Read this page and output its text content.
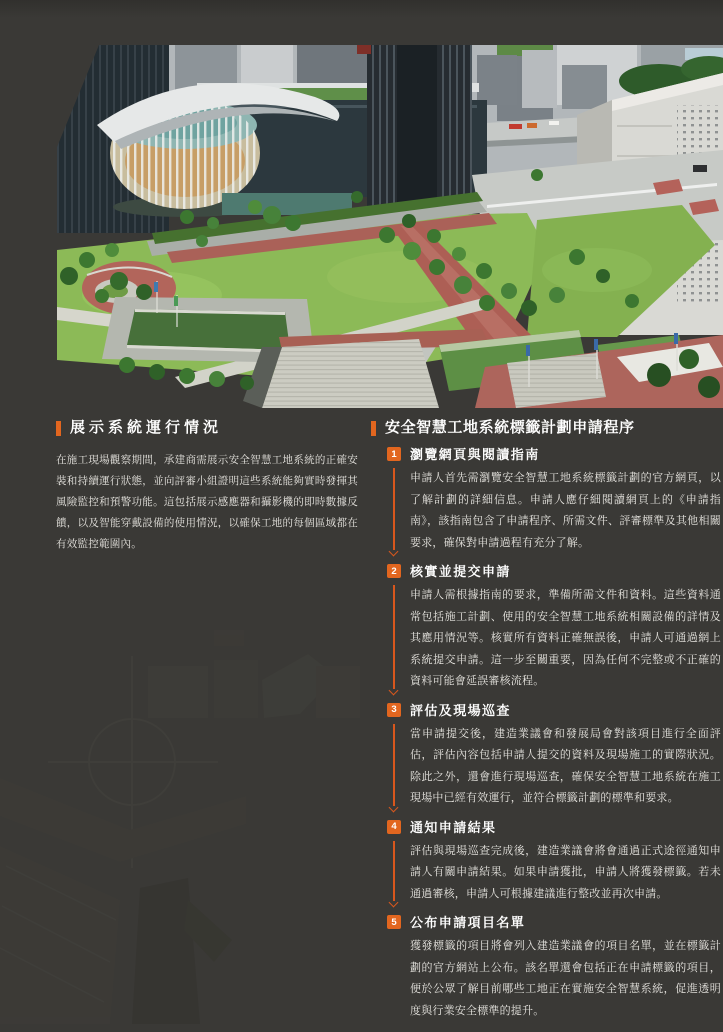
展示系統運行情況

在施工現場觀察期間，承建商需展示安全智慧工地系統的正確安裝和持續運行狀態，並向評審小組證明這些系統能夠實時發揮其風險監控和預警功能。這包括展示感應器和攝影機的即時數據反饋，以及智能穿戴設備的使用情況，以確保工地的每個區域都在有效監控範圍內。

安全智慧工地系統標籤計劃申請程序
1	瀏覽網頁與閱讀指南

申請人首先需瀏覽安全智慧工地系統標籤計劃的官方網頁，以了解計劃的詳細信息。申請人應仔細閱讀網頁上的《申請指南》，該指南包含了申請程序、所需文件、評審標準及其他相關要求，確保對申請過程有充分了解。

2	核實並提交申請

申請人需根據指南的要求，準備所需文件和資料。這些資料通常包括施工計劃、使用的安全智慧工地系統相關設備的詳情及其應用情況等。核實所有資料正確無誤後，申請人可通過網上系統提交申請。這一步至關重要，因為任何不完整或不正確的資料可能會延誤審核流程。

3	評估及現場巡查

當申請提交後，建造業議會和發展局會對該項目進行全面評估，評估內容包括申請人提交的資料及現場施工的實際狀況。除此之外，還會進行現場巡查，確保安全智慧工地系統在施工現場中已經有效運行，並符合標籤計劃的標準和要求。

4	通知申請結果

評估與現場巡查完成後，建造業議會將會通過正式途徑通知申請人有關申請結果。如果申請獲批，申請人將獲發標籤。若未通過審核，申請人可根據建議進行整改並再次申請。

5	公布申請項目名單

獲發標籤的項目將會列入建造業議會的項目名單，並在標籤計劃的官方網站上公布。該名單還會包括正在申請標籤的項目，便於公眾了解目前哪些工地正在實施安全智慧系統，促進透明度與行業安全標準的提升。
